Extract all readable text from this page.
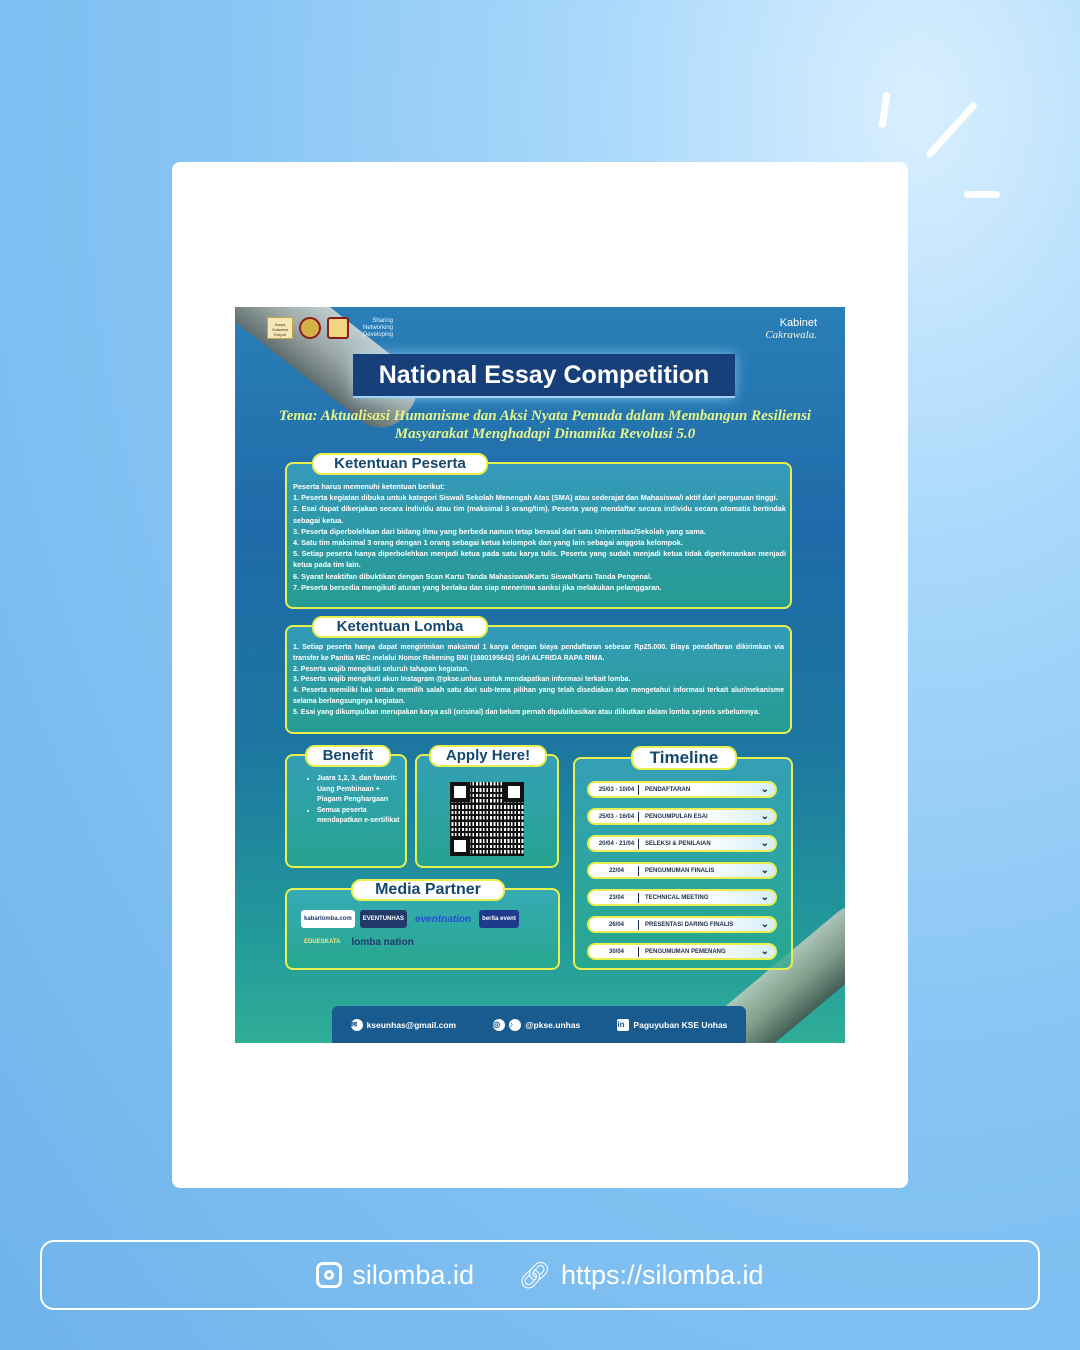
Karya Sulawesi Empat
Sharing Networking Developing
Kabinet
Cakrawala.
National Essay Competition
Tema: Aktualisasi Humanisme dan Aksi Nyata Pemuda dalam Membangun Resiliensi Masyarakat Menghadapi Dinamika Revolusi 5.0
Ketentuan Peserta
Peserta harus memenuhi ketentuan berikut:
1. Peserta kegiatan dibuka untuk kategori Siswa/i Sekolah Menengah Atas (SMA) atau sederajat dan Mahasiswa/i aktif dari perguruan tinggi.
2. Esai dapat dikerjakan secara individu atau tim (maksimal 3 orang/tim). Peserta yang mendaftar secara individu secara otomatis bertindak sebagai ketua.
3. Peserta diperbolehkan dari bidang ilmu yang berbeda namun tetap berasal dari satu Universitas/Sekolah yang sama.
4. Satu tim maksimal 3 orang dengan 1 orang sebagai ketua kelompok dan yang lain sebagai anggota kelompok.
5. Setiap peserta hanya diperbolehkan menjadi ketua pada satu karya tulis. Peserta yang sudah menjadi ketua tidak diperkenankan menjadi ketua pada tim lain.
6. Syarat keaktifan dibuktikan dengan Scan Kartu Tanda Mahasiswa/Kartu Siswa/Kartu Tanda Pengenal.
7. Peserta bersedia mengikuti aturan yang berlaku dan siap menerima sanksi jika melakukan pelanggaran.
Ketentuan Lomba
1. Setiap peserta hanya dapat mengirimkan maksimal 1 karya dengan biaya pendaftaran sebesar Rp25.000. Biaya pendaftaran dikirimkan via transfer ke Panitia NEC melalui Nomor Rekening BNI (1980195642) Sdri ALFRIDA RAPA RIMA.
2. Peserta wajib mengikuti seluruh tahapan kegiatan.
3. Peserta wajib mengikuti akun Instagram @pkse.unhas untuk mendapatkan informasi terkait lomba.
4. Peserta memiliki hak untuk memilih salah satu dari sub-tema pilihan yang telah disediakan dan mengetahui informasi terkait alur/mekanisme selama berlangsungnya kegiatan.
5. Esai yang dikumpulkan merupakan karya asli (orisinal) dan belum pernah dipublikasikan atau diikutkan dalam lomba sejenis sebelumnya.
Benefit
• Juara 1,2, 3, dan favorit: Uang Pembinaan + Piagam Penghargaan
• Semua peserta mendapatkan e-sertifikat
Apply Here!
Media Partner
kabarlomba.com	EVENTUNHAS	eventnation	berita event
EDUESKATA	lomba nation
Timeline
25/03 - 10/04	PENDAFTARAN	⌄
25/03 - 16/04	PENGUMPULAN ESAI	⌄
20/04 - 21/04	SELEKSI & PENILAIAN	⌄
22/04	PENGUMUMAN FINALIS	⌄
23/04	TECHNICAL MEETING	⌄
26/04	PRESENTASI DARING FINALIS	⌄
30/04	PENGUMUMAN PEMENANG	⌄
✉	kseunhas@gmail.com	◎	♪	@pkse.unhas	in	Paguyuban KSE Unhas
silomba.id 🔗︎ https://silomba.id
